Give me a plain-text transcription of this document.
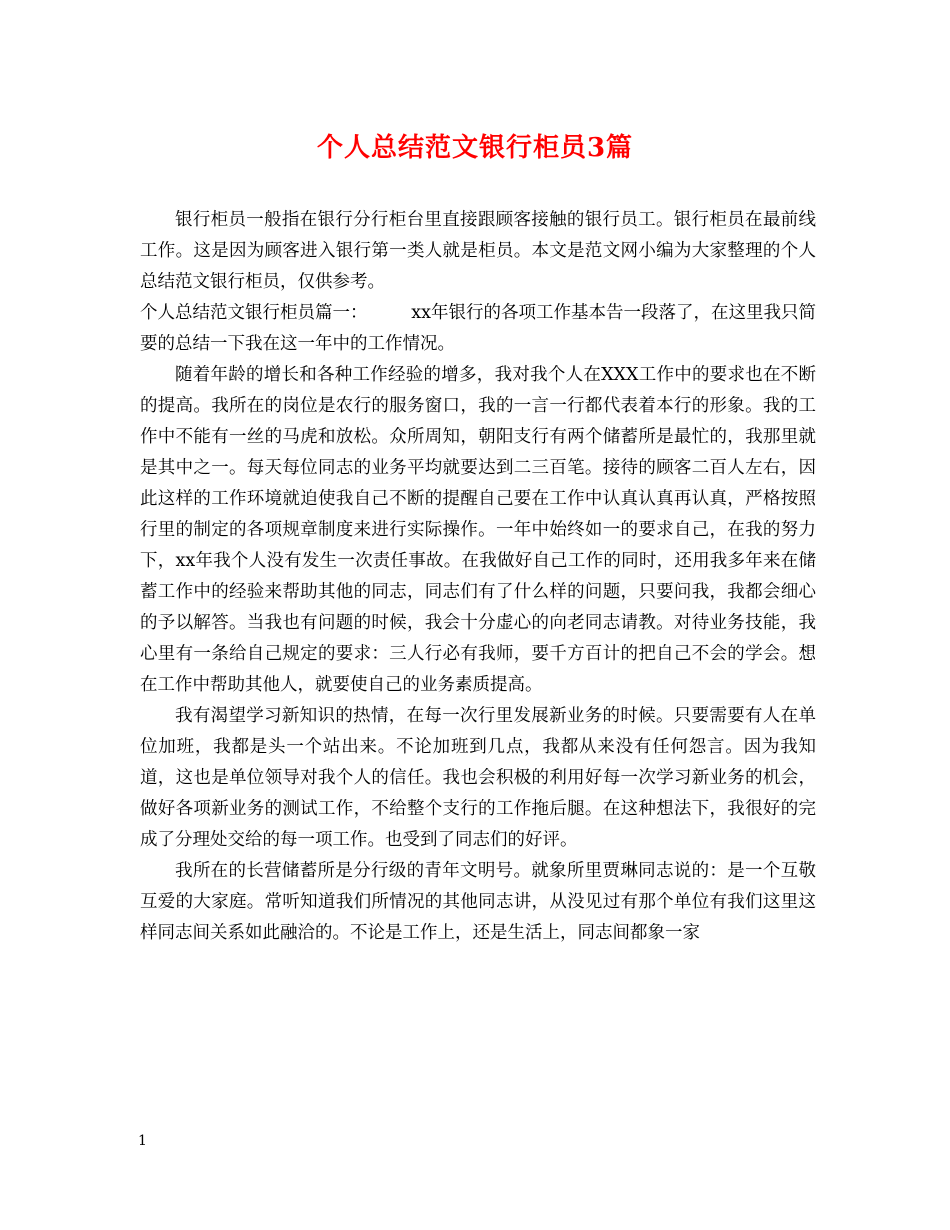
个人总结范文银行柜员3篇

银行柜员一般指在银行分行柜台里直接跟顾客接触的银行员工。银行柜员在最前线工作。这是因为顾客进入银行第一类人就是柜员。本文是范文网小编为大家整理的个人总结范文银行柜员，仅供参考。

个人总结范文银行柜员篇一：　　　xx年银行的各项工作基本告一段落了，在这里我只简要的总结一下我在这一年中的工作情况。

随着年龄的增长和各种工作经验的增多，我对我个人在XXX工作中的要求也在不断的提高。我所在的岗位是农行的服务窗口，我的一言一行都代表着本行的形象。我的工作中不能有一丝的马虎和放松。众所周知，朝阳支行有两个储蓄所是最忙的，我那里就是其中之一。每天每位同志的业务平均就要达到二三百笔。接待的顾客二百人左右，因此这样的工作环境就迫使我自己不断的提醒自己要在工作中认真认真再认真，严格按照行里的制定的各项规章制度来进行实际操作。一年中始终如一的要求自己，在我的努力下，xx年我个人没有发生一次责任事故。在我做好自己工作的同时，还用我多年来在储蓄工作中的经验来帮助其他的同志，同志们有了什么样的问题，只要问我，我都会细心的予以解答。当我也有问题的时候，我会十分虚心的向老同志请教。对待业务技能，我心里有一条给自己规定的要求：三人行必有我师，要千方百计的把自己不会的学会。想在工作中帮助其他人，就要使自己的业务素质提高。

我有渴望学习新知识的热情，在每一次行里发展新业务的时候。只要需要有人在单位加班，我都是头一个站出来。不论加班到几点，我都从来没有任何怨言。因为我知道，这也是单位领导对我个人的信任。我也会积极的利用好每一次学习新业务的机会，做好各项新业务的测试工作，不给整个支行的工作拖后腿。在这种想法下，我很好的完成了分理处交给的每一项工作。也受到了同志们的好评。

我所在的长营储蓄所是分行级的青年文明号。就象所里贾琳同志说的：是一个互敬互爱的大家庭。常听知道我们所情况的其他同志讲，从没见过有那个单位有我们这里这样同志间关系如此融洽的。不论是工作上，还是生活上，同志间都象一家

1
